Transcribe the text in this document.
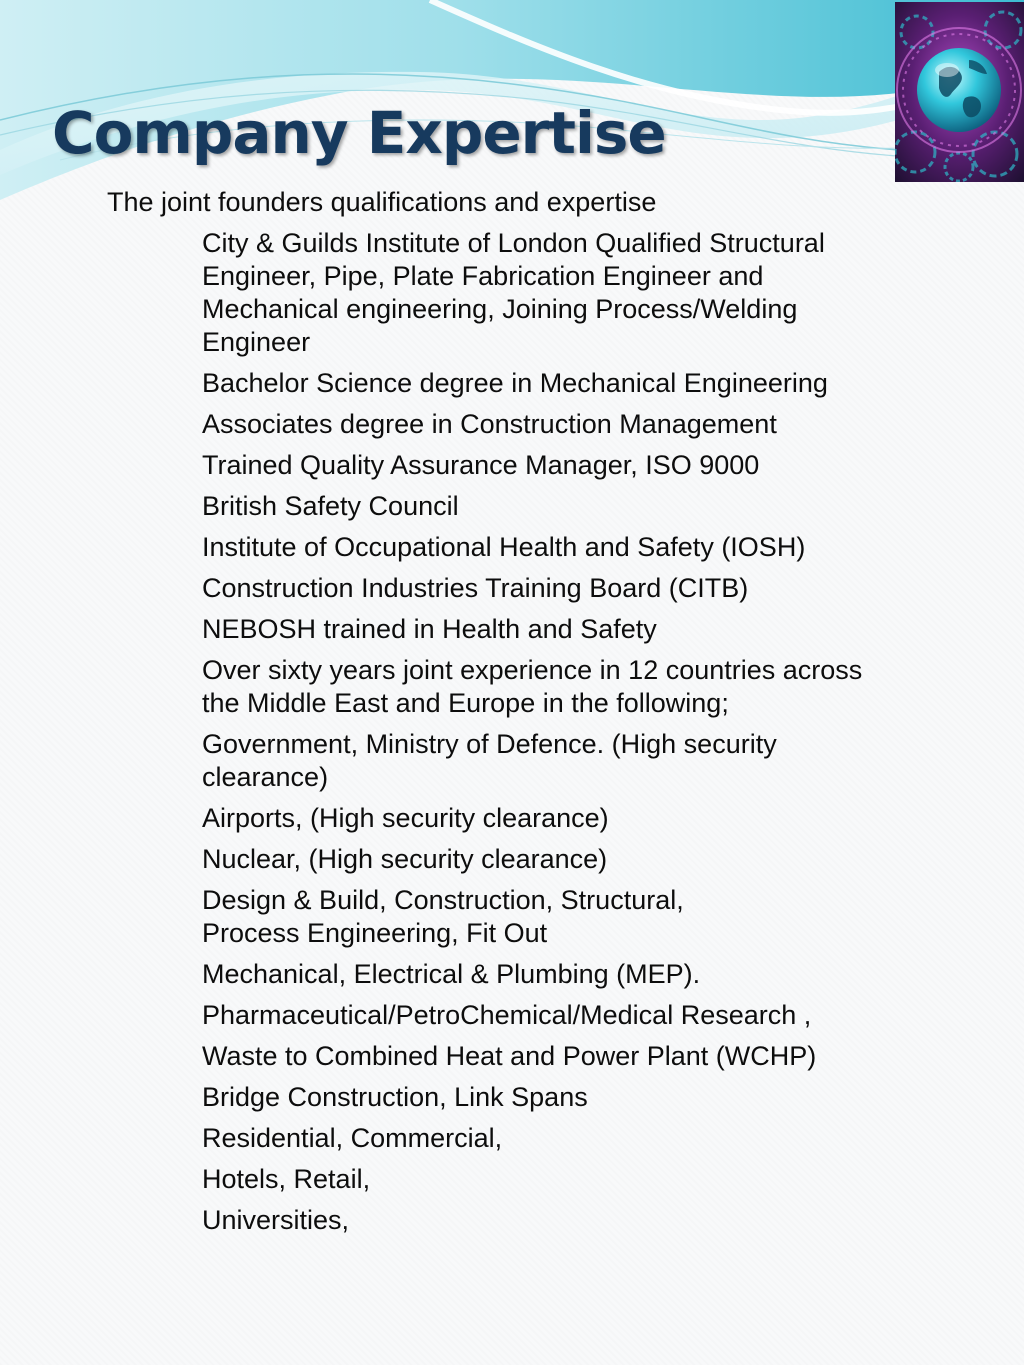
Company Expertise
The joint founders qualifications and expertise
City & Guilds Institute of London Qualified Structural
Engineer, Pipe, Plate Fabrication Engineer and
Mechanical engineering, Joining Process/Welding
Engineer
Bachelor Science degree in Mechanical Engineering
Associates degree in Construction Management
Trained Quality Assurance Manager, ISO 9000
British Safety Council
Institute of Occupational Health and Safety (IOSH)
Construction Industries Training Board (CITB)
NEBOSH trained in Health and Safety
Over sixty years joint experience in 12 countries across
the Middle East and Europe in the following;
Government, Ministry of Defence. (High security
clearance)
Airports, (High security clearance)
Nuclear, (High security clearance)
Design & Build, Construction, Structural,
Process Engineering, Fit Out
Mechanical, Electrical & Plumbing (MEP).
Pharmaceutical/PetroChemical/Medical Research ,
Waste to Combined Heat and Power Plant (WCHP)
Bridge Construction, Link Spans
Residential, Commercial,
Hotels, Retail,
Universities,
